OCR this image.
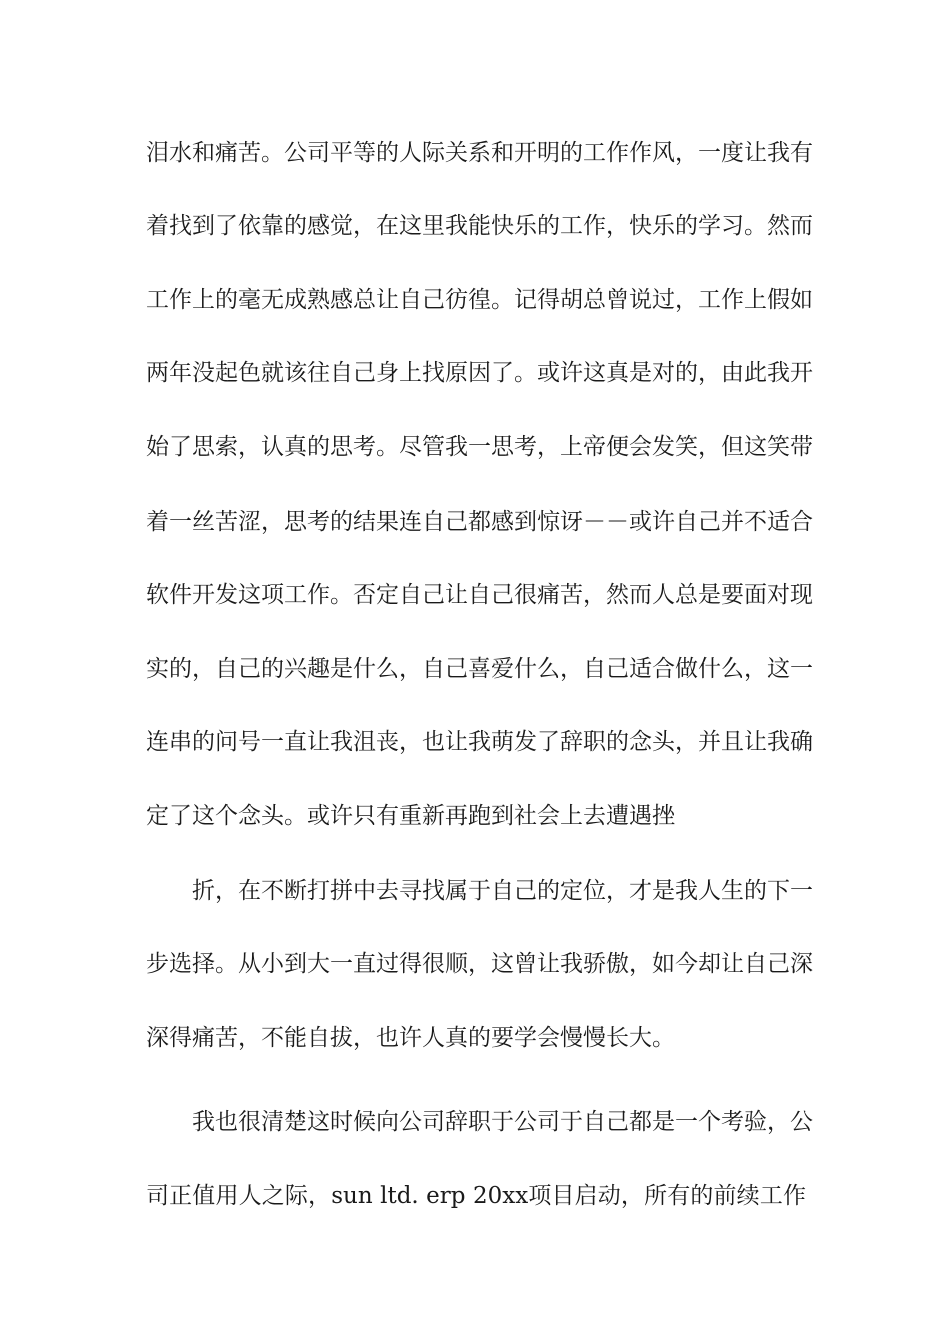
泪水和痛苦。公司平等的人际关系和开明的工作作风，一度让我有
着找到了依靠的感觉，在这里我能快乐的工作，快乐的学习。然而
工作上的毫无成熟感总让自己彷徨。记得胡总曾说过，工作上假如
两年没起色就该往自己身上找原因了。或许这真是对的，由此我开
始了思索，认真的思考。尽管我一思考，上帝便会发笑，但这笑带
着一丝苦涩，思考的结果连自己都感到惊讶－－或许自己并不适合
软件开发这项工作。否定自己让自己很痛苦，然而人总是要面对现
实的，自己的兴趣是什么，自己喜爱什么，自己适合做什么，这一
连串的问号一直让我沮丧，也让我萌发了辞职的念头，并且让我确
定了这个念头。或许只有重新再跑到社会上去遭遇挫
折，在不断打拼中去寻找属于自己的定位，才是我人生的下一
步选择。从小到大一直过得很顺，这曾让我骄傲，如今却让自己深
深得痛苦，不能自拔，也许人真的要学会慢慢长大。
我也很清楚这时候向公司辞职于公司于自己都是一个考验，公
司正值用人之际，sun ltd. erp 20xx项目启动，所有的前续工作
